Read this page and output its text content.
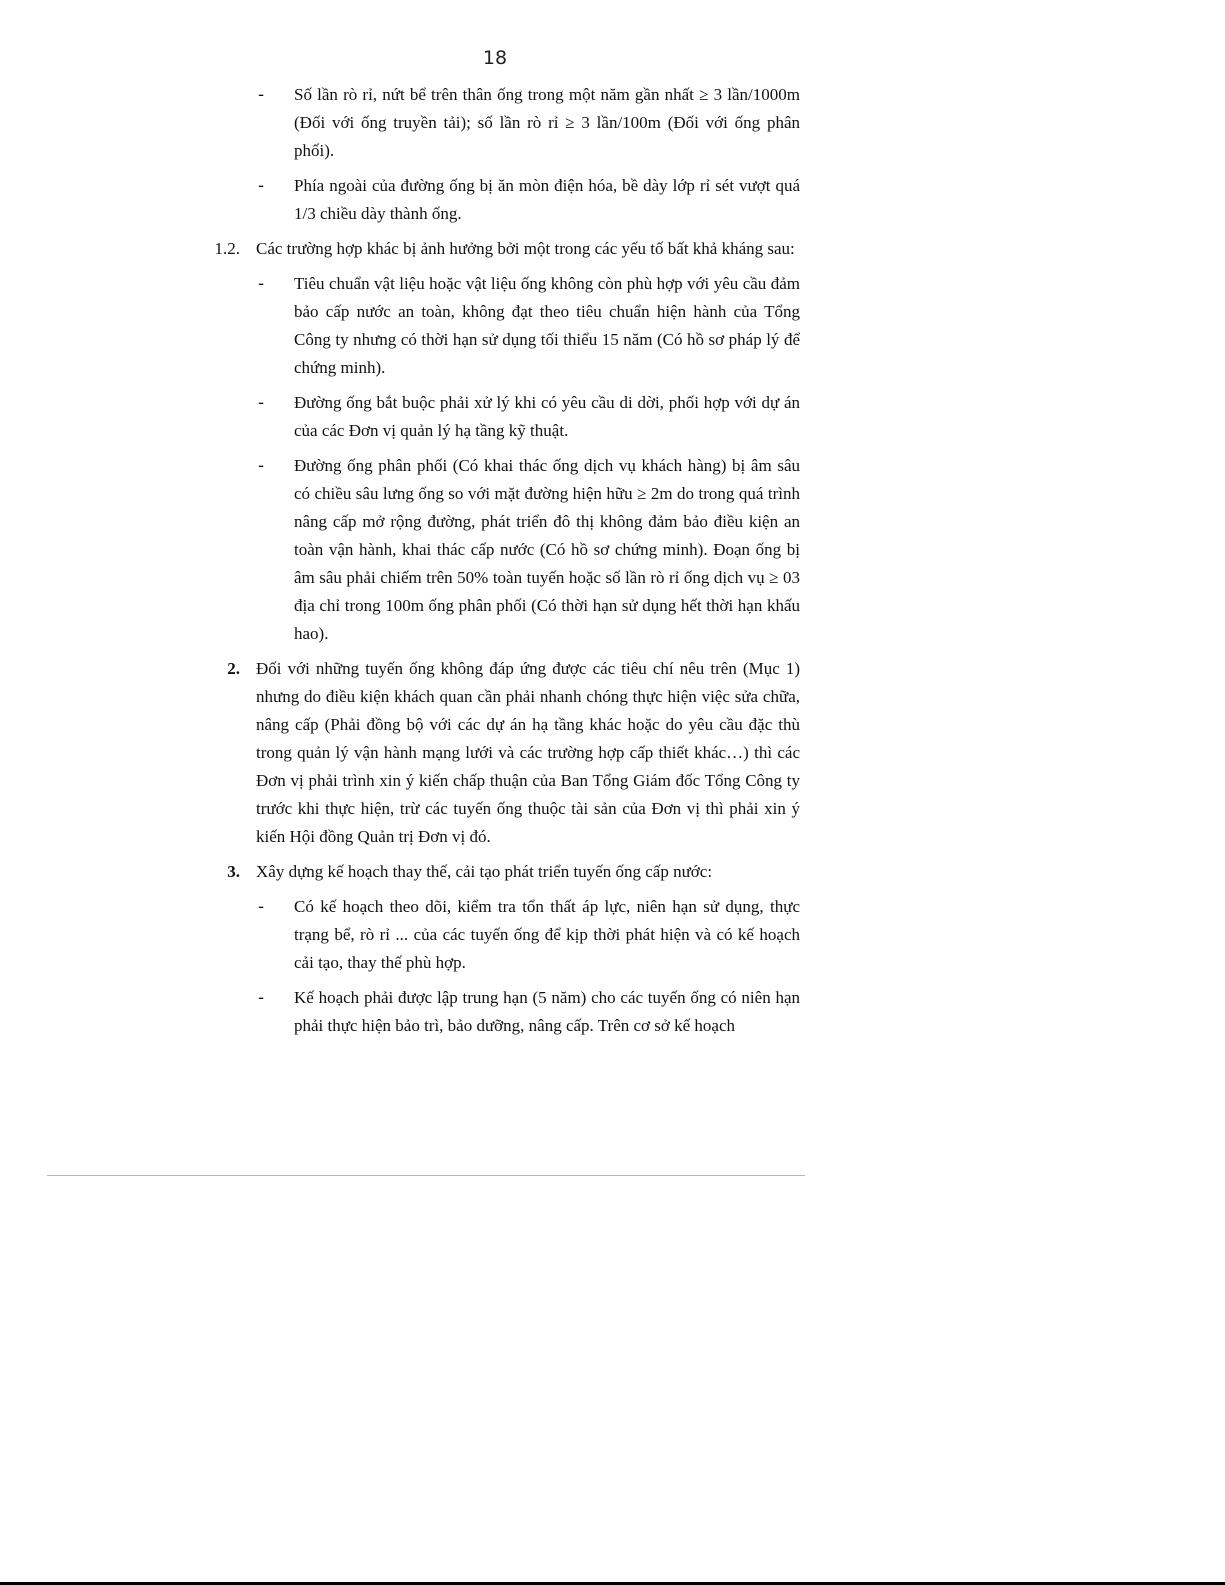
18
- Số lần rò rỉ, nứt bể trên thân ống trong một năm gần nhất ≥ 3 lần/1000m (Đối với ống truyền tải); số lần rò rỉ ≥ 3 lần/100m (Đối với ống phân phối).
- Phía ngoài của đường ống bị ăn mòn điện hóa, bề dày lớp rỉ sét vượt quá 1/3 chiều dày thành ống.
1.2. Các trường hợp khác bị ảnh hưởng bởi một trong các yếu tố bất khả kháng sau:
- Tiêu chuẩn vật liệu hoặc vật liệu ống không còn phù hợp với yêu cầu đảm bảo cấp nước an toàn, không đạt theo tiêu chuẩn hiện hành của Tổng Công ty nhưng có thời hạn sử dụng tối thiểu 15 năm (Có hồ sơ pháp lý để chứng minh).
- Đường ống bắt buộc phải xử lý khi có yêu cầu di dời, phối hợp với dự án của các Đơn vị quản lý hạ tầng kỹ thuật.
- Đường ống phân phối (Có khai thác ống dịch vụ khách hàng) bị âm sâu có chiều sâu lưng ống so với mặt đường hiện hữu ≥ 2m do trong quá trình nâng cấp mở rộng đường, phát triển đô thị không đảm bảo điều kiện an toàn vận hành, khai thác cấp nước (Có hồ sơ chứng minh). Đoạn ống bị âm sâu phải chiếm trên 50% toàn tuyến hoặc số lần rò rỉ ống dịch vụ ≥ 03 địa chỉ trong 100m ống phân phối (Có thời hạn sử dụng hết thời hạn khấu hao).
2. Đối với những tuyến ống không đáp ứng được các tiêu chí nêu trên (Mục 1) nhưng do điều kiện khách quan cần phải nhanh chóng thực hiện việc sửa chữa, nâng cấp (Phải đồng bộ với các dự án hạ tầng khác hoặc do yêu cầu đặc thù trong quản lý vận hành mạng lưới và các trường hợp cấp thiết khác…) thì các Đơn vị phải trình xin ý kiến chấp thuận của Ban Tổng Giám đốc Tổng Công ty trước khi thực hiện, trừ các tuyến ống thuộc tài sản của Đơn vị thì phải xin ý kiến Hội đồng Quản trị Đơn vị đó.
3. Xây dựng kế hoạch thay thế, cải tạo phát triển tuyến ống cấp nước:
- Có kế hoạch theo dõi, kiểm tra tổn thất áp lực, niên hạn sử dụng, thực trạng bể, rò rỉ ... của các tuyến ống để kịp thời phát hiện và có kế hoạch cải tạo, thay thế phù hợp.
- Kế hoạch phải được lập trung hạn (5 năm) cho các tuyến ống có niên hạn phải thực hiện bảo trì, bảo dưỡng, nâng cấp. Trên cơ sở kế hoạch
